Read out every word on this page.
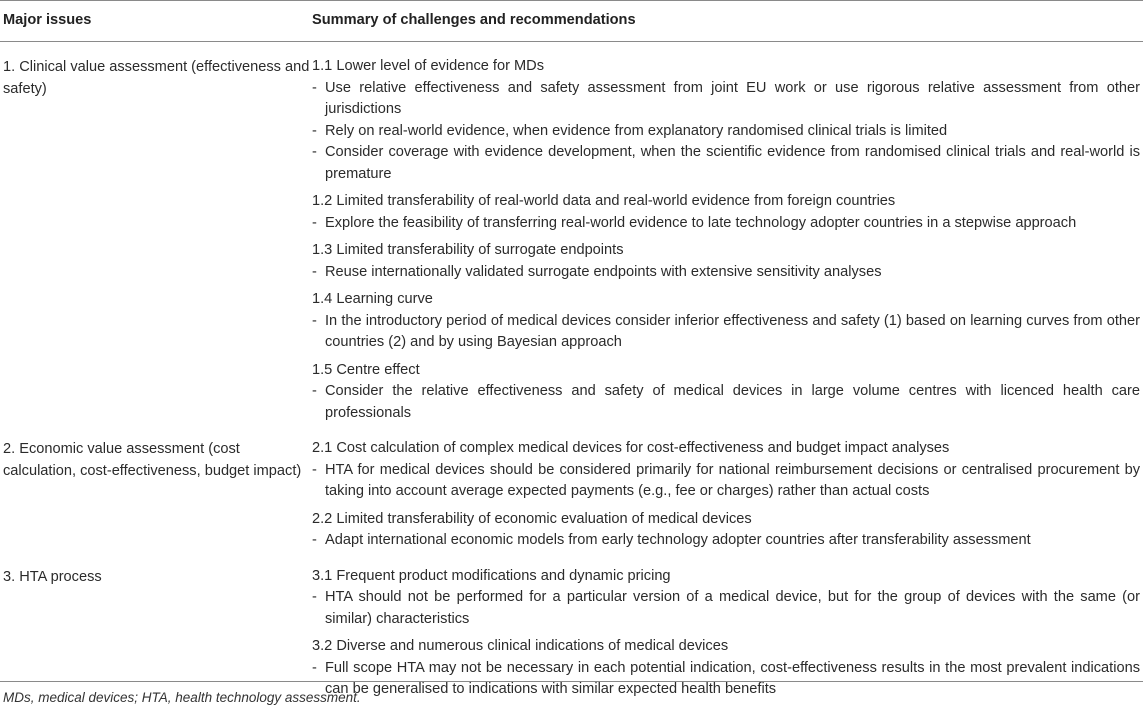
Major issues	Summary of challenges and recommendations
1. Clinical value assessment (effectiveness and safety)
1.1 Lower level of evidence for MDs
- Use relative effectiveness and safety assessment from joint EU work or use rigorous relative assessment from other jurisdictions
- Rely on real-world evidence, when evidence from explanatory randomised clinical trials is limited
- Consider coverage with evidence development, when the scientific evidence from randomised clinical trials and real-world is premature
1.2 Limited transferability of real-world data and real-world evidence from foreign countries
- Explore the feasibility of transferring real-world evidence to late technology adopter countries in a stepwise approach
1.3 Limited transferability of surrogate endpoints
- Reuse internationally validated surrogate endpoints with extensive sensitivity analyses
1.4 Learning curve
- In the introductory period of medical devices consider inferior effectiveness and safety (1) based on learning curves from other countries (2) and by using Bayesian approach
1.5 Centre effect
- Consider the relative effectiveness and safety of medical devices in large volume centres with licenced health care professionals
2. Economic value assessment (cost calculation, cost-effectiveness, budget impact)
2.1 Cost calculation of complex medical devices for cost-effectiveness and budget impact analyses
- HTA for medical devices should be considered primarily for national reimbursement decisions or centralised procurement by taking into account average expected payments (e.g., fee or charges) rather than actual costs
2.2 Limited transferability of economic evaluation of medical devices
- Adapt international economic models from early technology adopter countries after transferability assessment
3. HTA process	3.1 Frequent product modifications and dynamic pricing
- HTA should not be performed for a particular version of a medical device, but for the group of devices with the same (or similar) characteristics
3.2 Diverse and numerous clinical indications of medical devices
- Full scope HTA may not be necessary in each potential indication, cost-effectiveness results in the most prevalent indications can be generalised to indications with similar expected health benefits
MDs, medical devices; HTA, health technology assessment.
